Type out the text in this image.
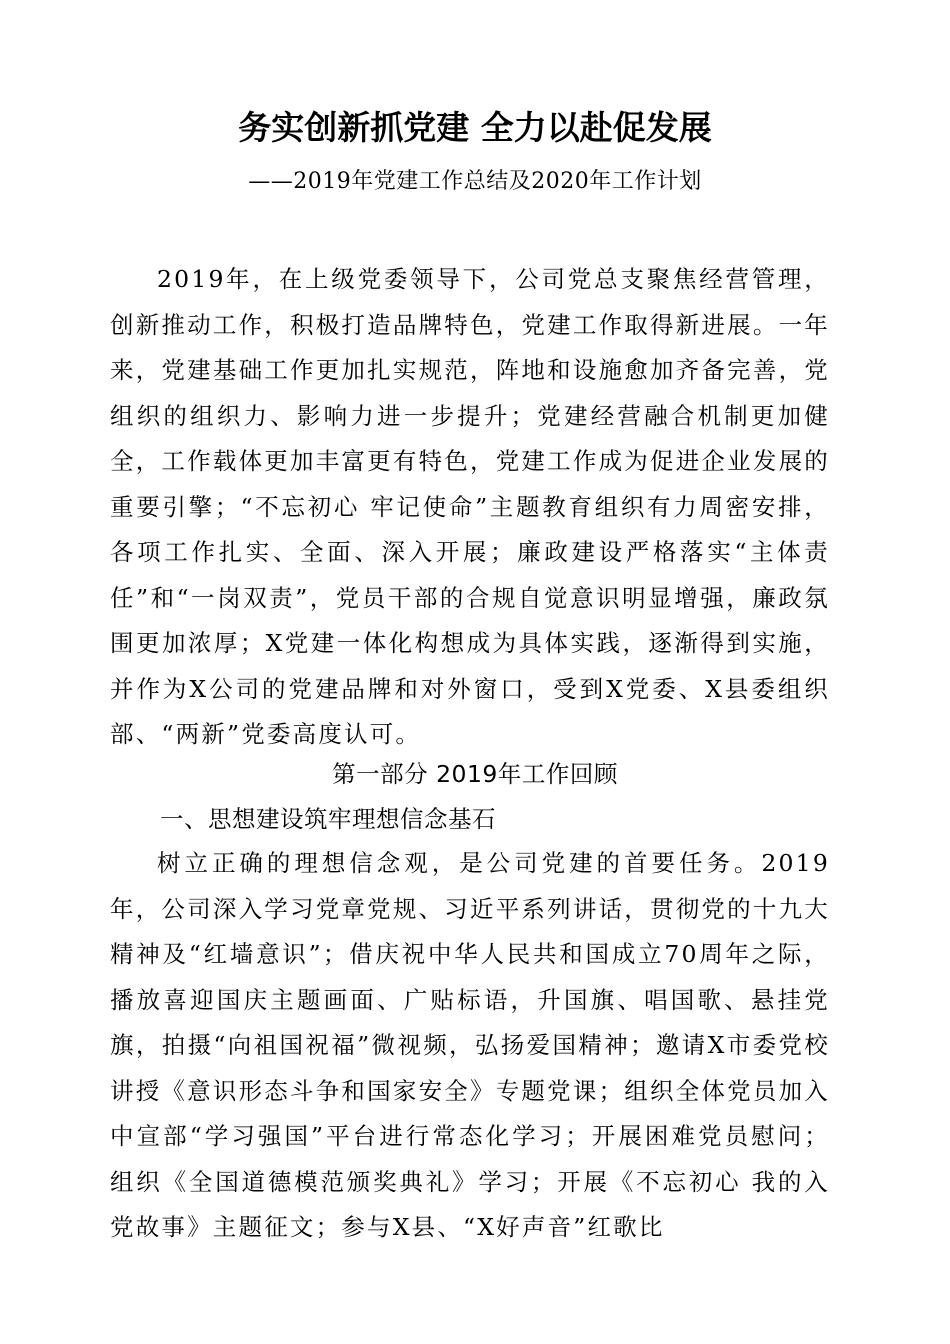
务实创新抓党建 全力以赴促发展
——2019年党建工作总结及2020年工作计划

2019年，在上级党委领导下，公司党总支聚焦经营管理，创新推动工作，积极打造品牌特色，党建工作取得新进展。一年来，党建基础工作更加扎实规范，阵地和设施愈加齐备完善，党组织的组织力、影响力进一步提升；党建经营融合机制更加健全，工作载体更加丰富更有特色，党建工作成为促进企业发展的重要引擎；“不忘初心 牢记使命”主题教育组织有力周密安排，各项工作扎实、全面、深入开展；廉政建设严格落实“主体责任”和“一岗双责”，党员干部的合规自觉意识明显增强，廉政氛围更加浓厚；X党建一体化构想成为具体实践，逐渐得到实施，并作为X公司的党建品牌和对外窗口，受到X党委、X县委组织部、“两新”党委高度认可。

第一部分 2019年工作回顾
一、思想建设筑牢理想信念基石

树立正确的理想信念观，是公司党建的首要任务。2019年，公司深入学习党章党规、习近平系列讲话，贯彻党的十九大精神及“红墙意识”；借庆祝中华人民共和国成立70周年之际，播放喜迎国庆主题画面、广贴标语，升国旗、唱国歌、悬挂党旗，拍摄“向祖国祝福”微视频，弘扬爱国精神；邀请X市委党校讲授《意识形态斗争和国家安全》专题党课；组织全体党员加入中宣部“学习强国”平台进行常态化学习；开展困难党员慰问；组织《全国道德模范颁奖典礼》学习；开展《不忘初心 我的入党故事》主题征文；参与X县、“X好声音”红歌比
